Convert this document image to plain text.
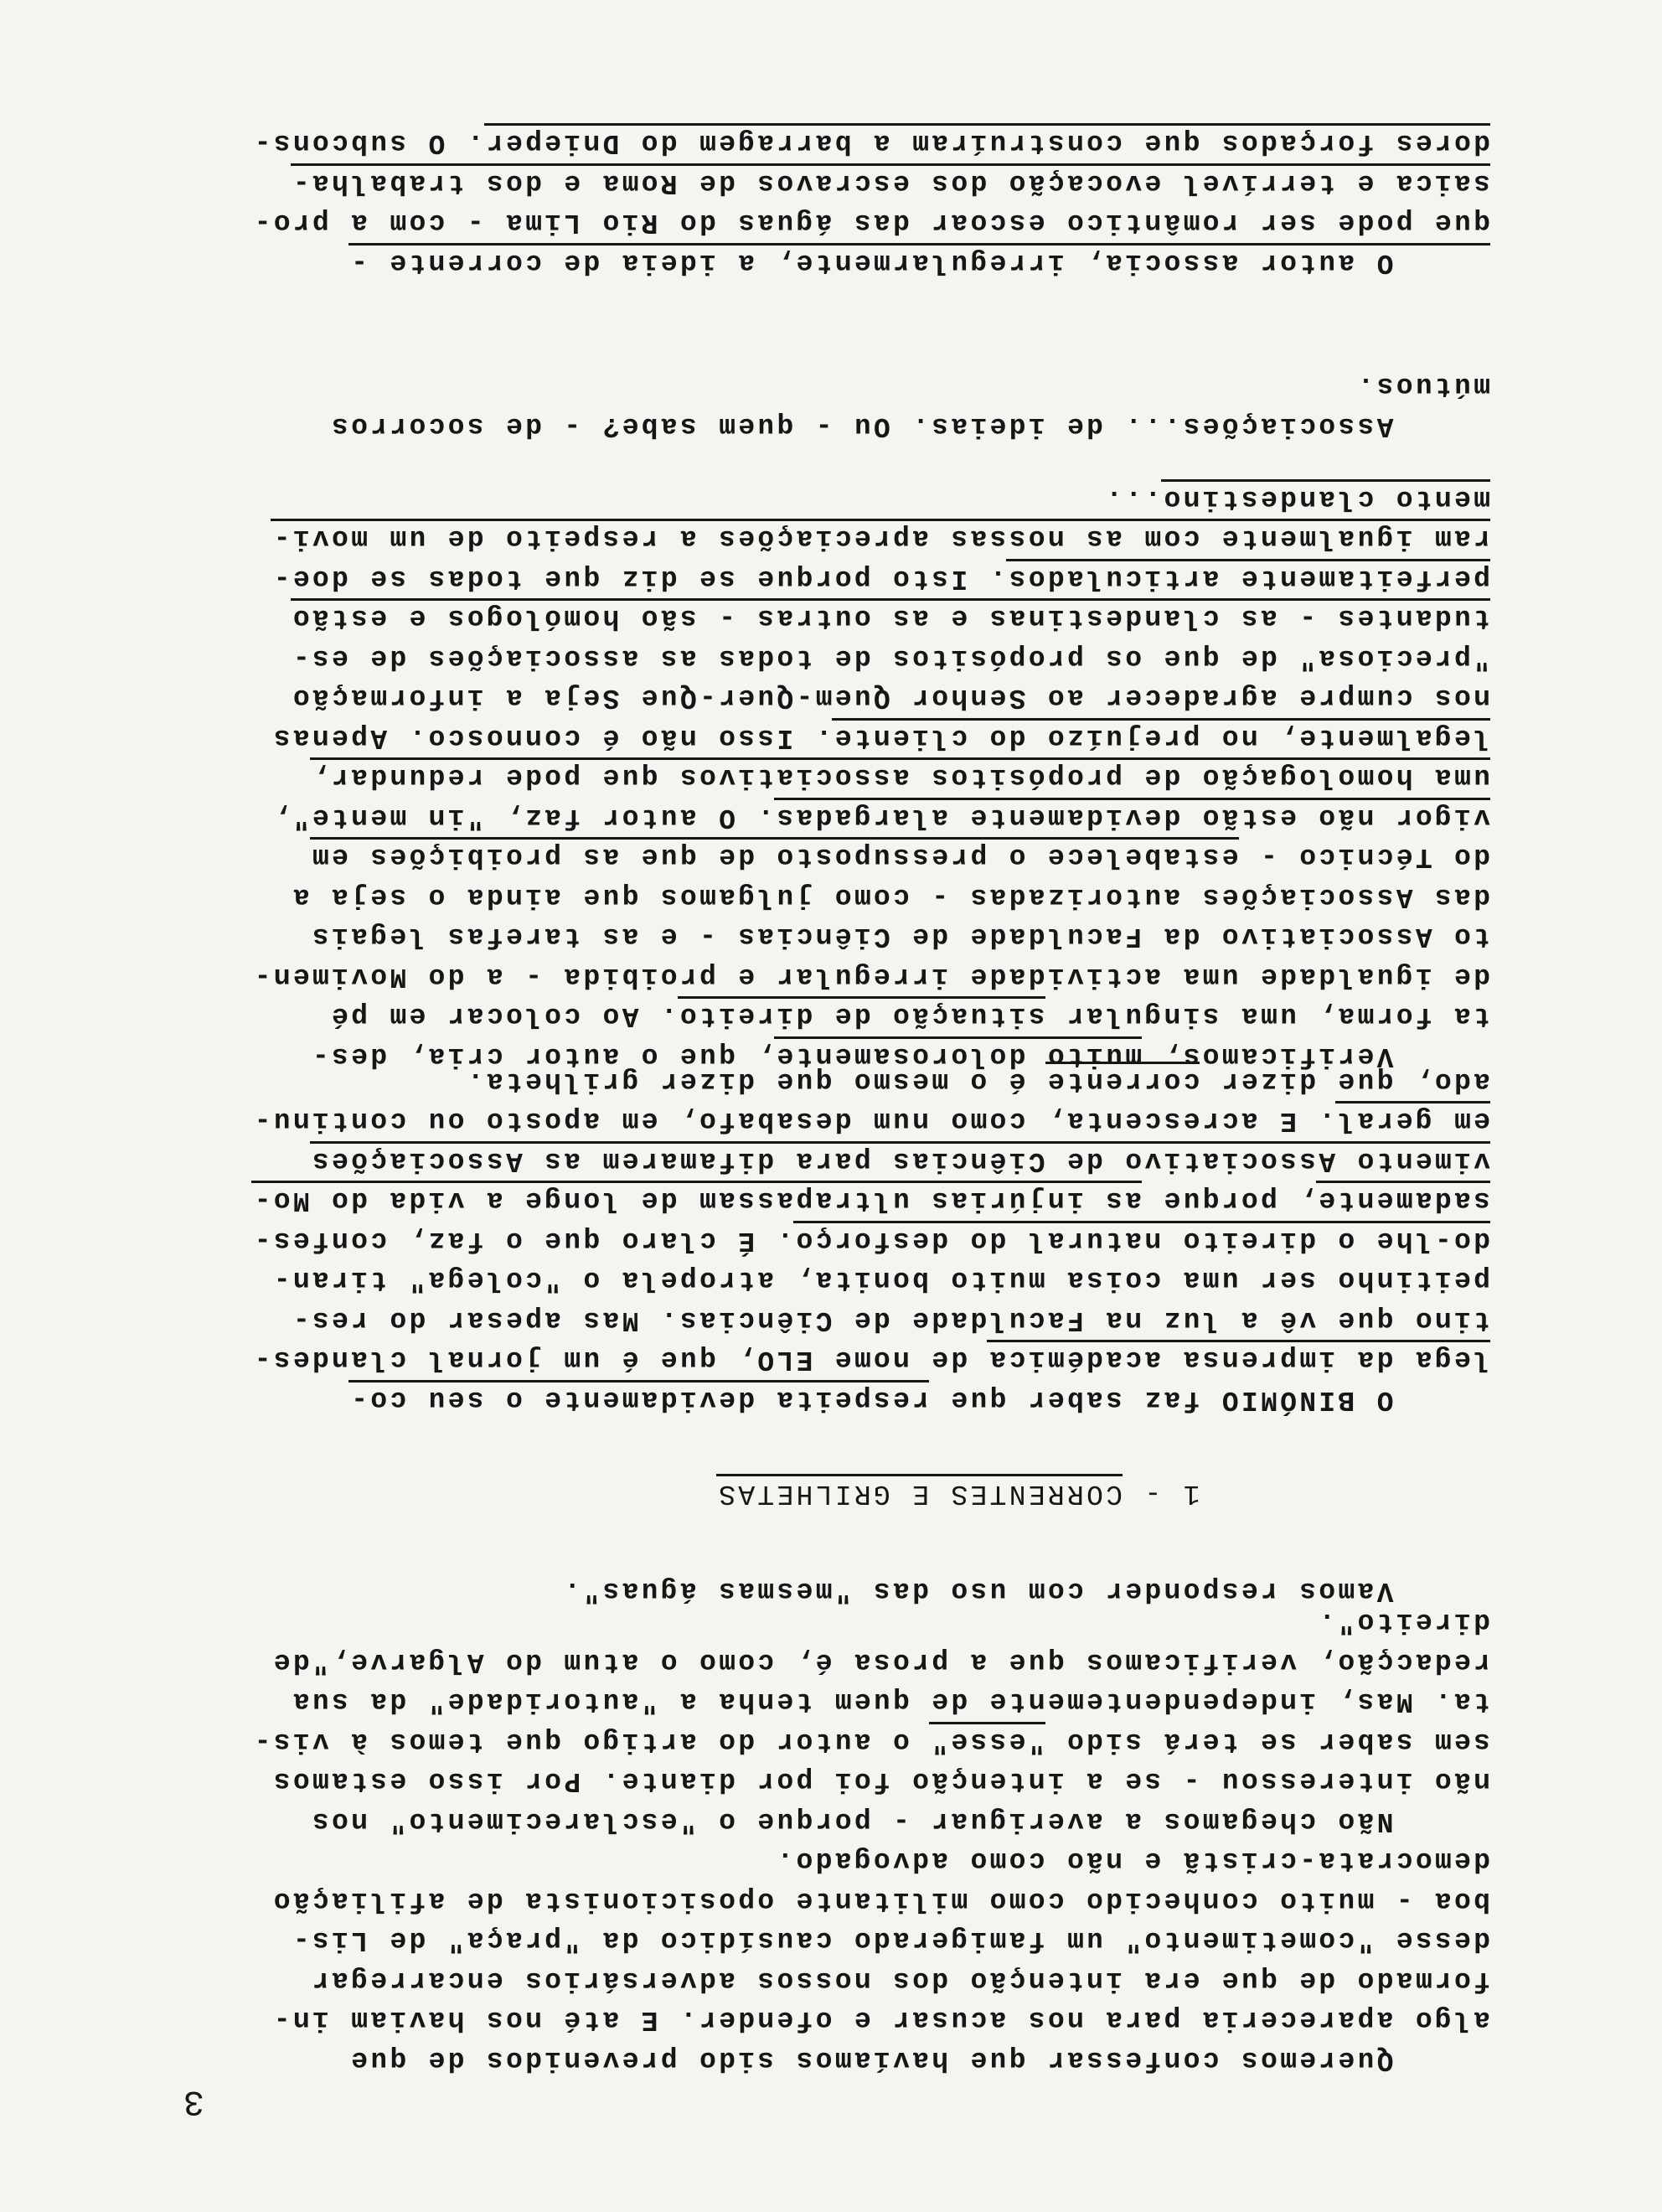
3
Queremos confessar que havíamos sido prevenidos de que
algo apareceria para nos acusar e ofender. E até nos haviam in-
formado de que era intenção dos nossos adversários encarregar
desse "cometimento" um famigerado causídico da "praça" de Lis-
boa - muito conhecido como militante oposicionista de afiliação
democrata-cristã e não como advogado.
Não chegamos a averiguar - porque o "esclarecimento" nos
não interessou - se a intenção foi por diante. Por isso estamos
sem saber se terá sido "esse" o autor do artigo que temos à vis-
ta. Mas, independentemente de quem tenha a "autoridade" da sua
redacção, verificamos que a prosa é, como o atum do Algarve,"de
direito".
Vamos responder com uso das "mesmas águas".
1 - CORRENTES E GRILHETAS
O BINÓMIO faz saber que respeita devidamente o seu co-
lega da imprensa académica de nome ELO, que é um jornal clandes-
tino que vê a luz na Faculdade de Ciências. Mas apesar do res-
peitinho ser uma coisa muito bonita, atropela o "colega" tiran-
do-lhe o direito natural do desforço. É claro que o faz, confes-
sadamente, porque as injúrias ultrapassam de longe a vida do Mo-
vimento Associativo de Ciências para difamarem as Associações
em geral. E acrescenta, como num desabafo, em aposto ou continu-
ado, que dizer corrente é o mesmo que dizer grilheta.
Verificamos, muito dolorosamente, que o autor cria, des-
ta forma, uma singular situação de direito. Ao colocar em pé
de igualdade uma actividade irregular e proibida - a do Movimen-
to Associativo da Faculdade de Ciências - e as tarefas legais
das Associações autorizadas - como julgamos que ainda o seja a
do Técnico - estabelece o pressuposto de que as proibições em
vigor não estão devidamente alargadas. O autor faz, "in mente",
uma homologação de propósitos associativos que pode redundar,
legalmente, no prejuízo do cliente. Isso não é connosco. Apenas
nos cumpre agradecer ao Senhor Quem-Quer-Que Seja a informação
"preciosa" de que os propósitos de todas as associações de es-
tudantes - as clandestinas e as outras - são homólogos e estão
perfeitamente articulados. Isto porque se diz que todas se doe-
ram igualmente com as nossas apreciações a respeito de um movi-
mento clandestino...
Associações... de ideias. Ou - quem sabe? - de socorros
mútuos.
O autor associa, irregularmente, a ideia de corrente -
que pode ser romântico escoar das águas do Rio Lima - com a pro-
saica e terrível evocação dos escravos de Roma e dos trabalha-
dores forçados que construíram a barragem do Dnieper. O subcons-
